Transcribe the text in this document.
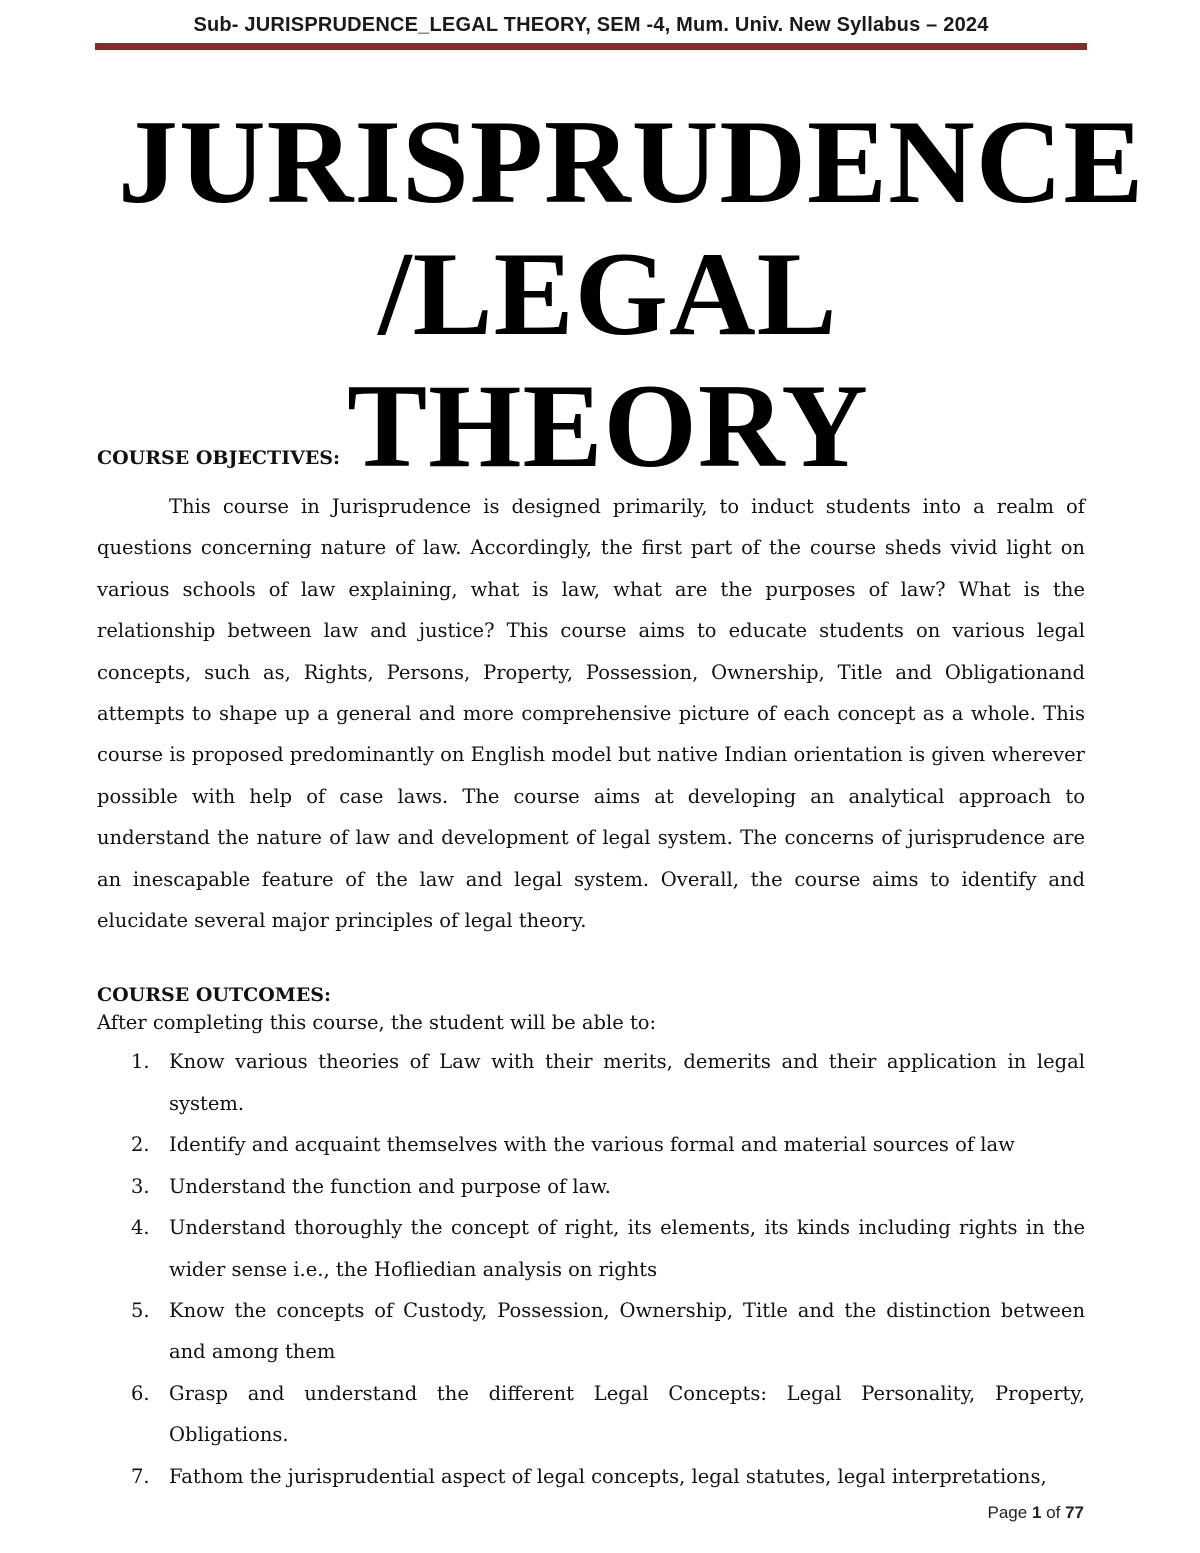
Sub- JURISPRUDENCE_LEGAL THEORY, SEM -4, Mum. Univ. New Syllabus – 2024
JURISPRUDENCE
/LEGAL THEORY

COURSE OBJECTIVES:

This course in Jurisprudence is designed primarily, to induct students into a realm of questions concerning nature of law. Accordingly, the first part of the course sheds vivid light on various schools of law explaining, what is law, what are the purposes of law? What is the relationship between law and justice? This course aims to educate students on various legal concepts, such as, Rights, Persons, Property, Possession, Ownership, Title and Obligationand attempts to shape up a general and more comprehensive picture of each concept as a whole. This course is proposed predominantly on English model but native Indian orientation is given wherever possible with help of case laws. The course aims at developing an analytical approach to understand the nature of law and development of legal system. The concerns of jurisprudence are an inescapable feature of the law and legal system. Overall, the course aims to identify and elucidate several major principles of legal theory.

COURSE OUTCOMES:

After completing this course, the student will be able to:

1. Know various theories of Law with their merits, demerits and their application in legal system.
2. Identify and acquaint themselves with the various formal and material sources of law
3. Understand the function and purpose of law.
4. Understand thoroughly the concept of right, its elements, its kinds including rights in the wider sense i.e., the Hofliedian analysis on rights
5. Know the concepts of Custody, Possession, Ownership, Title and the distinction between and among them
6. Grasp and understand the different Legal Concepts: Legal Personality, Property, Obligations.
7. Fathom the jurisprudential aspect of legal concepts, legal statutes, legal interpretations,
Page 1 of 77
